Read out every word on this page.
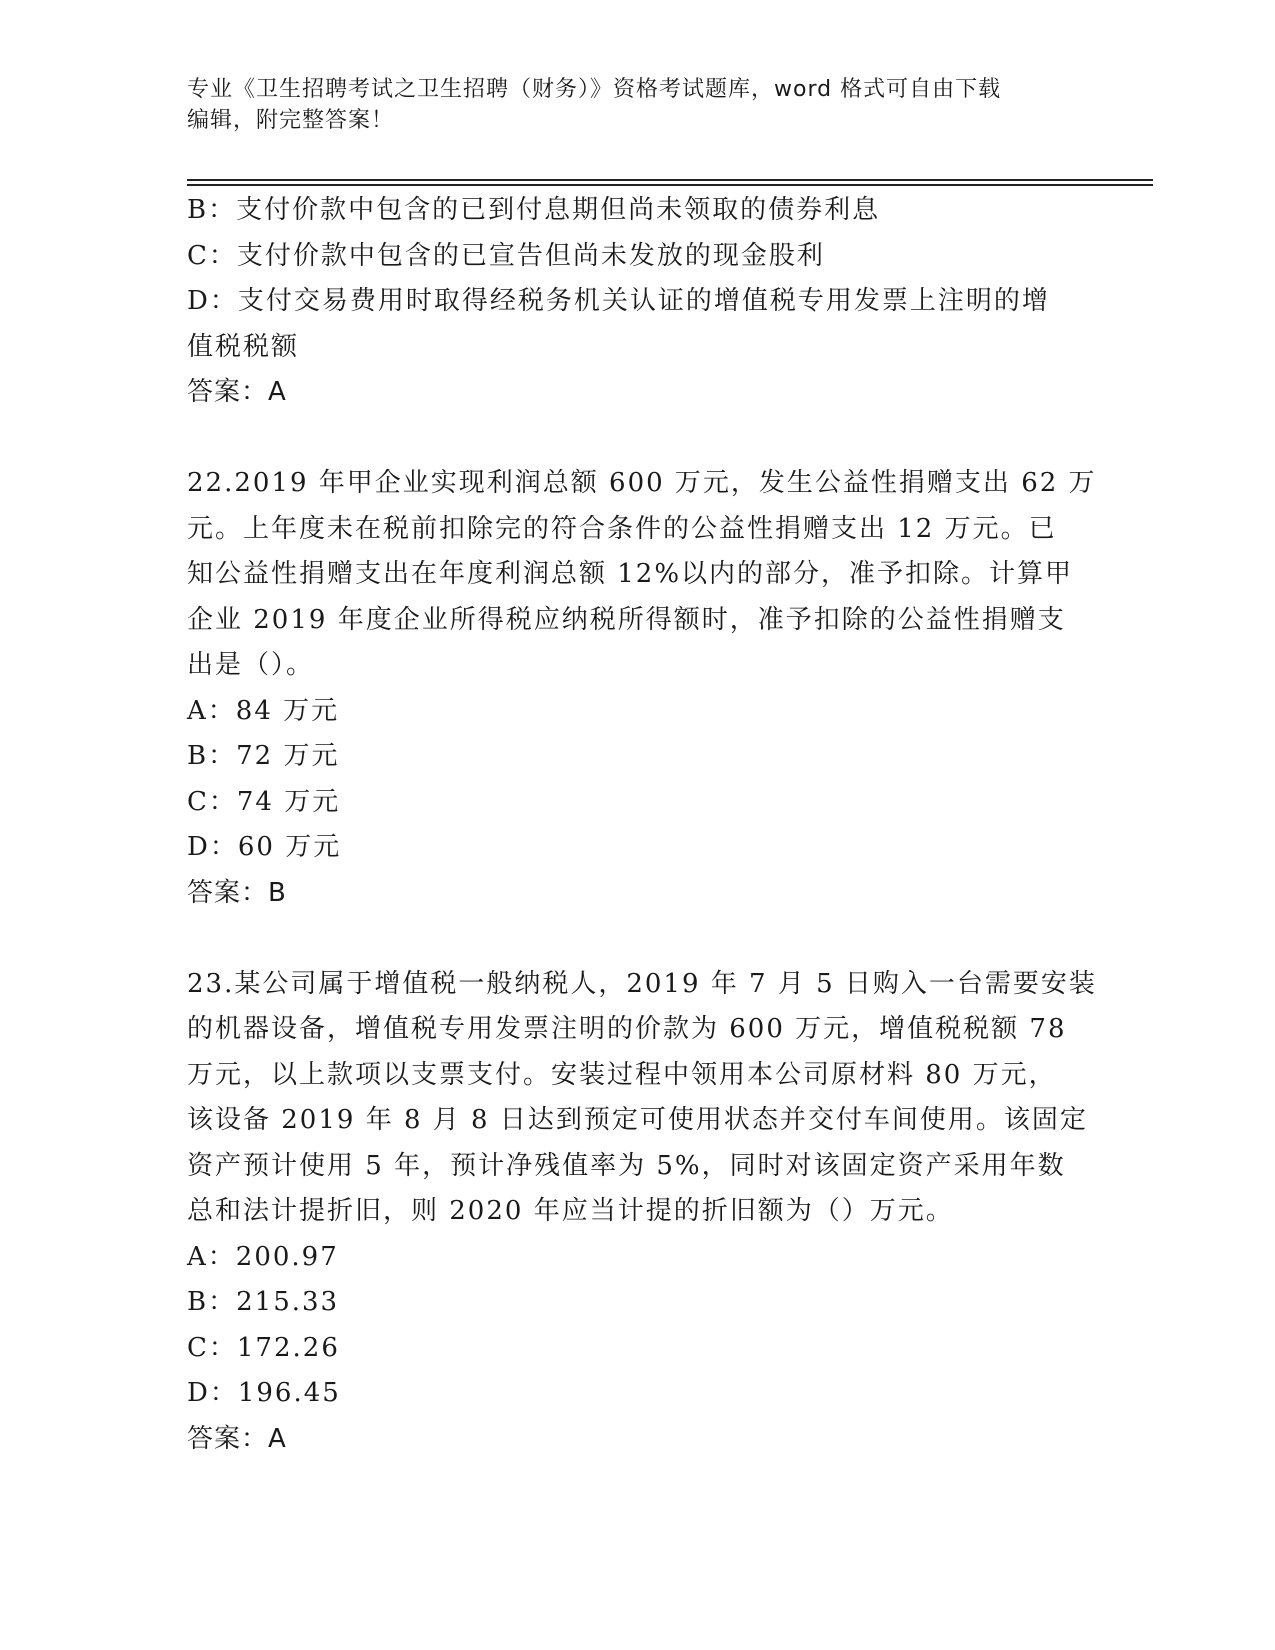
专业《卫生招聘考试之卫生招聘（财务）》资格考试题库，word 格式可自由下载
编辑，附完整答案！
B：支付价款中包含的已到付息期但尚未领取的债券利息
C：支付价款中包含的已宣告但尚未发放的现金股利
D：支付交易费用时取得经税务机关认证的增值税专用发票上注明的增
值税税额
答案：A
22.2019 年甲企业实现利润总额 600 万元，发生公益性捐赠支出 62 万
元。上年度未在税前扣除完的符合条件的公益性捐赠支出 12 万元。已
知公益性捐赠支出在年度利润总额 12%以内的部分，准予扣除。计算甲
企业 2019 年度企业所得税应纳税所得额时，准予扣除的公益性捐赠支
出是（）。
A：84 万元
B：72 万元
C：74 万元
D：60 万元
答案：B
23.某公司属于增值税一般纳税人，2019 年 7 月 5 日购入一台需要安装
的机器设备，增值税专用发票注明的价款为 600 万元，增值税税额 78
万元，以上款项以支票支付。安装过程中领用本公司原材料 80 万元，
该设备 2019 年 8 月 8 日达到预定可使用状态并交付车间使用。该固定
资产预计使用 5 年，预计净残值率为 5%，同时对该固定资产采用年数
总和法计提折旧，则 2020 年应当计提的折旧额为（）万元。
A：200.97
B：215.33
C：172.26
D：196.45
答案：A
